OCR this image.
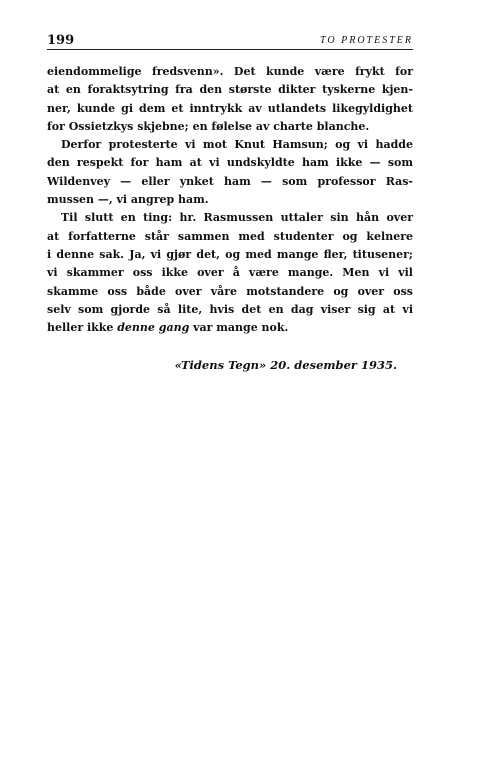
199	TO PROTESTER
eiendommelige fredsvenn». Det kunde være frykt for
at en foraktsytring fra den største dikter tyskerne kjen-
ner, kunde gi dem et inntrykk av utlandets likegyldighet
for Ossietzkys skjebne; en følelse av charte blanche.
Derfor protesterte vi mot Knut Hamsun; og vi hadde
den respekt for ham at vi undskyldte ham ikke — som
Wildenvey — eller ynket ham — som professor Ras-
mussen —, vi angrep ham.
Til slutt en ting: hr. Rasmussen uttaler sin hån over
at forfatterne står sammen med studenter og kelnere
i denne sak. Ja, vi gjør det, og med mange fler, titusener;
vi skammer oss ikke over å være mange. Men vi vil
skamme oss både over våre motstandere og over oss
selv som gjorde så lite, hvis det en dag viser sig at vi
heller ikke denne gang var mange nok.
«Tidens Tegn» 20. desember 1935.
